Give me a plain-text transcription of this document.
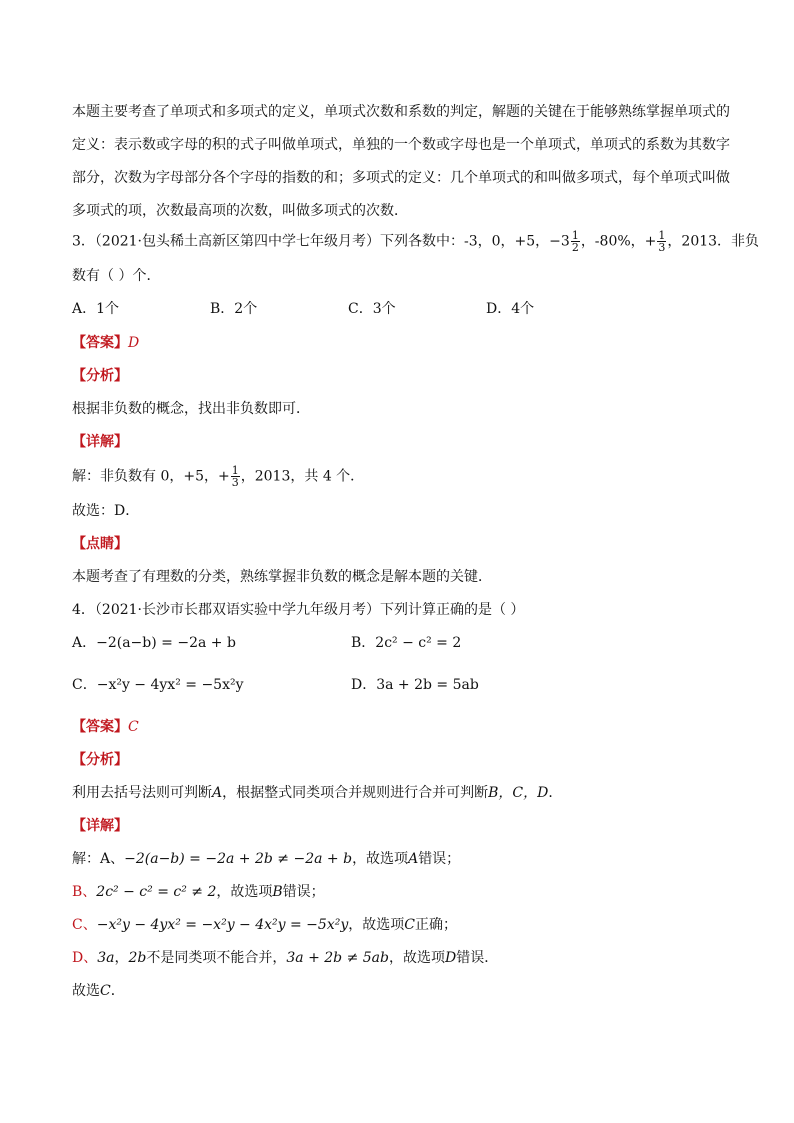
本题主要考查了单项式和多项式的定义，单项式次数和系数的判定，解题的关键在于能够熟练掌握单项式的定义：表示数或字母的积的式子叫做单项式，单独的一个数或字母也是一个单项式，单项式的系数为其数字部分，次数为字母部分各个字母的指数的和；多项式的定义：几个单项式的和叫做多项式，每个单项式叫做多项式的项，次数最高项的次数，叫做多项式的次数．

3．（2021·包头稀土高新区第四中学七年级月考）下列各数中：-3，0，+5，$-3 \frac{1}{2}$ ，-80%，+ $\frac{1}{3}$ ，2013．非负
数有（ ）个．
A．1个	B．2个	C．3个	D．4个
【答案】D
【分析】
根据非负数的概念，找出非负数即可．
【详解】
解：非负数有 0，+5，+ $\frac{1}{3}$ ，2013，共 4 个．
故选：D．
【点睛】
本题考查了有理数的分类，熟练掌握非负数的概念是解本题的关键．
4．（2021·长沙市长郡双语实验中学九年级月考）下列计算正确的是（ ）
A．−2(a−b) = −2a + b	B．2c² − c² = 2
C．−x²y − 4yx² = −5x²y	D．3a + 2b = 5ab
【答案】C
【分析】
利用去括号法则可判断A，根据整式同类项合并规则进行合并可判断B，C，D．
【详解】
解：A、−2(a−b) = −2a + 2b ≠ −2a + b，故选项A错误；
B、2c² − c² = c² ≠ 2，故选项B错误；
C、−x²y − 4yx² = −x²y − 4x²y = −5x²y，故选项C正确；
D、3a，2b不是同类项不能合并，3a + 2b ≠ 5ab，故选项D错误．
故选C．
